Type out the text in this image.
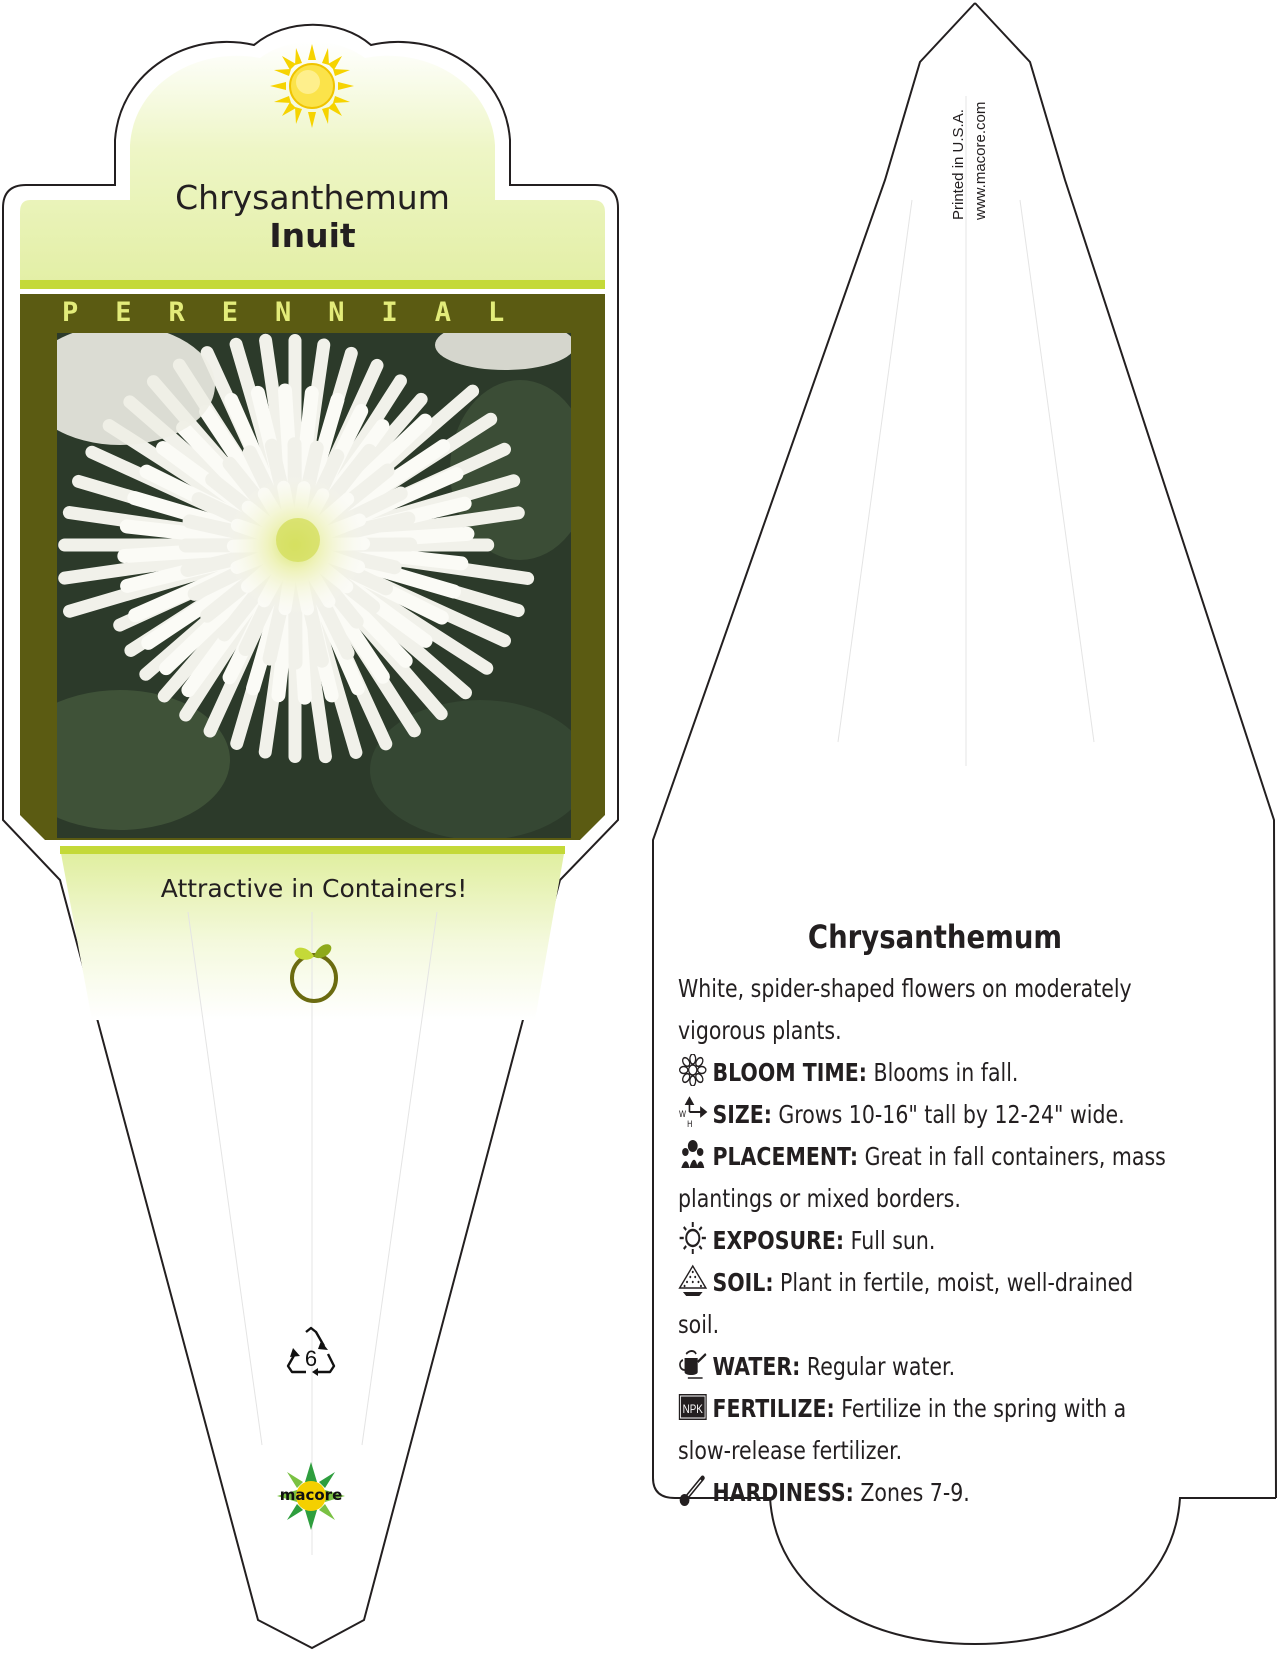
Chrysanthemum
Inuit
PERENNIAL
Attractive in Containers!
6
macore
Printed in U.S.A. www.macore.com
Chrysanthemum

White, spider-shaped flowers on moderately vigorous plants.

BLOOM TIME: Blooms in fall.

W
H SIZE: Grows 10-16" tall by 12-24" wide.

PLACEMENT: Great in fall containers, mass plantings or mixed borders.

EXPOSURE: Full sun.

SOIL: Plant in fertile, moist, well-drained soil.

WATER: Regular water.

NPK FERTILIZE: Fertilize in the spring with a slow-release fertilizer.

HARDINESS: Zones 7-9.
